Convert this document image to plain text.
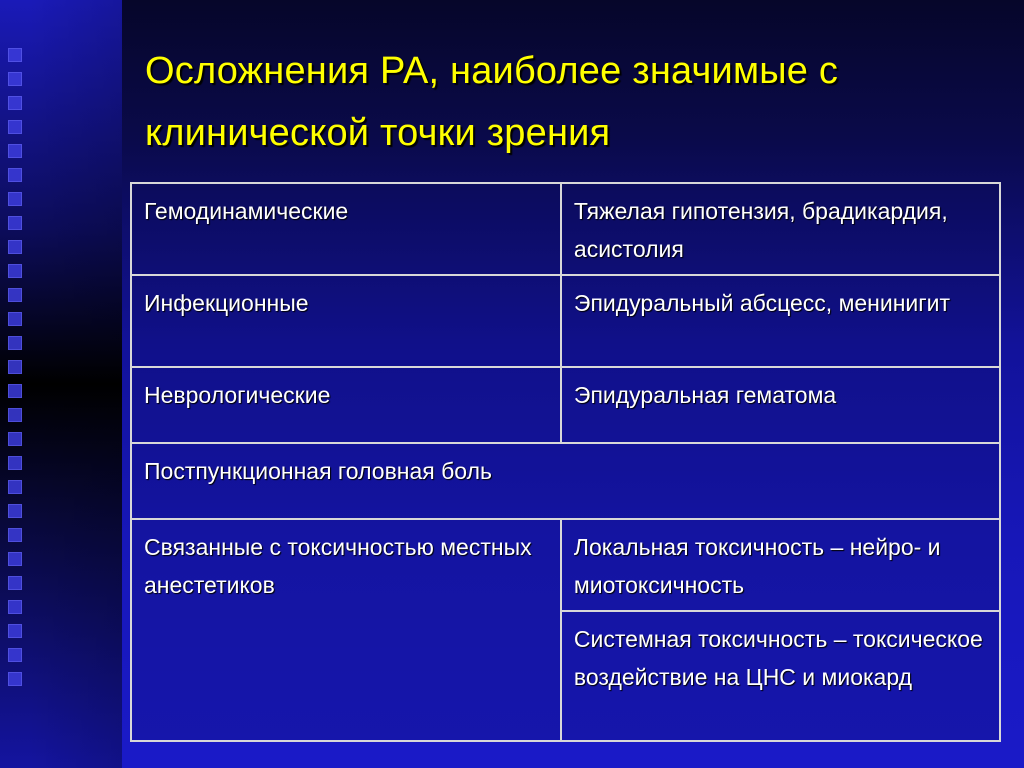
Осложнения РА, наиболее значимые с клинической точки зрения
Гемодинамические	Тяжелая гипотензия, брадикардия, асистолия
Инфекционные	Эпидуральный абсцесс, менинигит
Неврологические	Эпидуральная гематома
Постпункционная головная боль	
Связанные с токсичностью местных анестетиков	Локальная токсичность – нейро- и миотоксичность
	Системная токсичность – токсическое воздействие на ЦНС и миокард
